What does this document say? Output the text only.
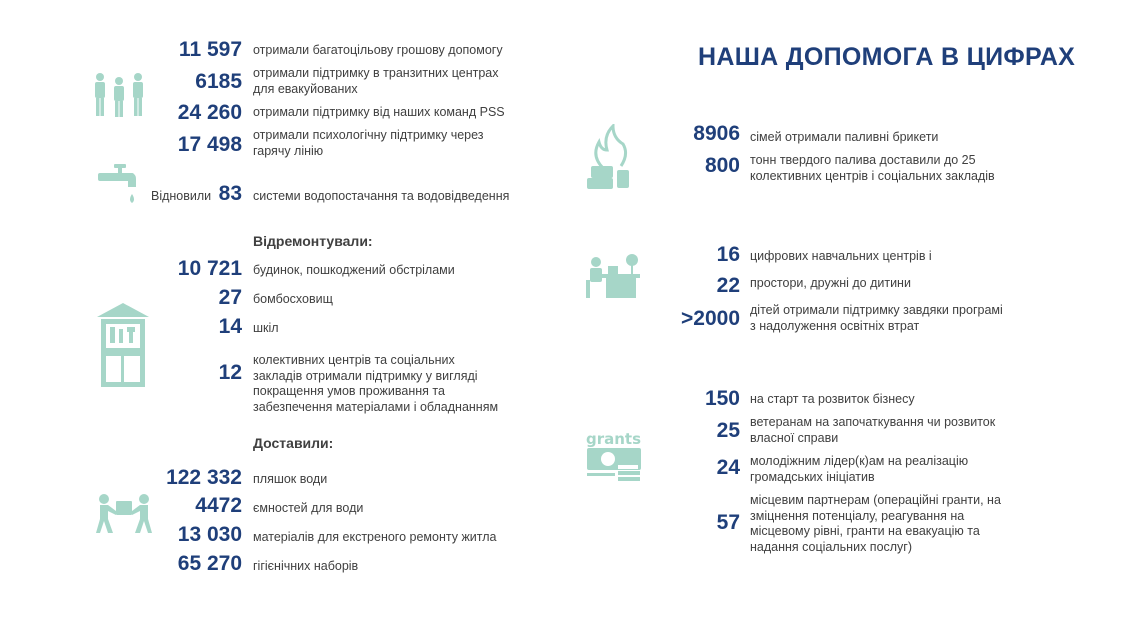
НАША ДОПОМОГА В ЦИФРАХ
11 597 отримали багатоцільову грошову допомогу
6185 отримали підтримку в транзитних центрах для евакуйованих
24 260 отримали підтримку від наших команд PSS
17 498 отримали психологічну підтримку через гарячу лінію
Відновили 83 системи водопостачання та водовідведення
Відремонтували:
10 721 будинок, пошкоджений обстрілами
27 бомбосховищ
14 шкіл
12
колективних центрів та соціальних закладів отримали підтримку у вигляді покращення умов проживання та забезпечення матеріалами і обладнанням
Доставили:
122 332 пляшок води
4472 ємностей для води
13 030 матеріалів для екстреного ремонту житла
65 270 гігієнічних наборів
8906 сімей отримали паливні брикети
800 тонн твердого палива доставили до 25 колективних центрів і соціальних закладів
16 цифрових навчальних центрів і
22 простори, дружні до дитини
>2000 дітей отримали підтримку завдяки програмі з надолуження освітніх втрат
grants
150 на старт та розвиток бізнесу
25 ветеранам на започаткування чи розвиток власної справи
24 молодіжним лідер(к)ам на реалізацію громадських ініціатив
57
місцевим партнерам (операційні гранти, на зміцнення потенціалу, реагування на місцевому рівні, гранти на евакуацію та надання соціальних послуг)
